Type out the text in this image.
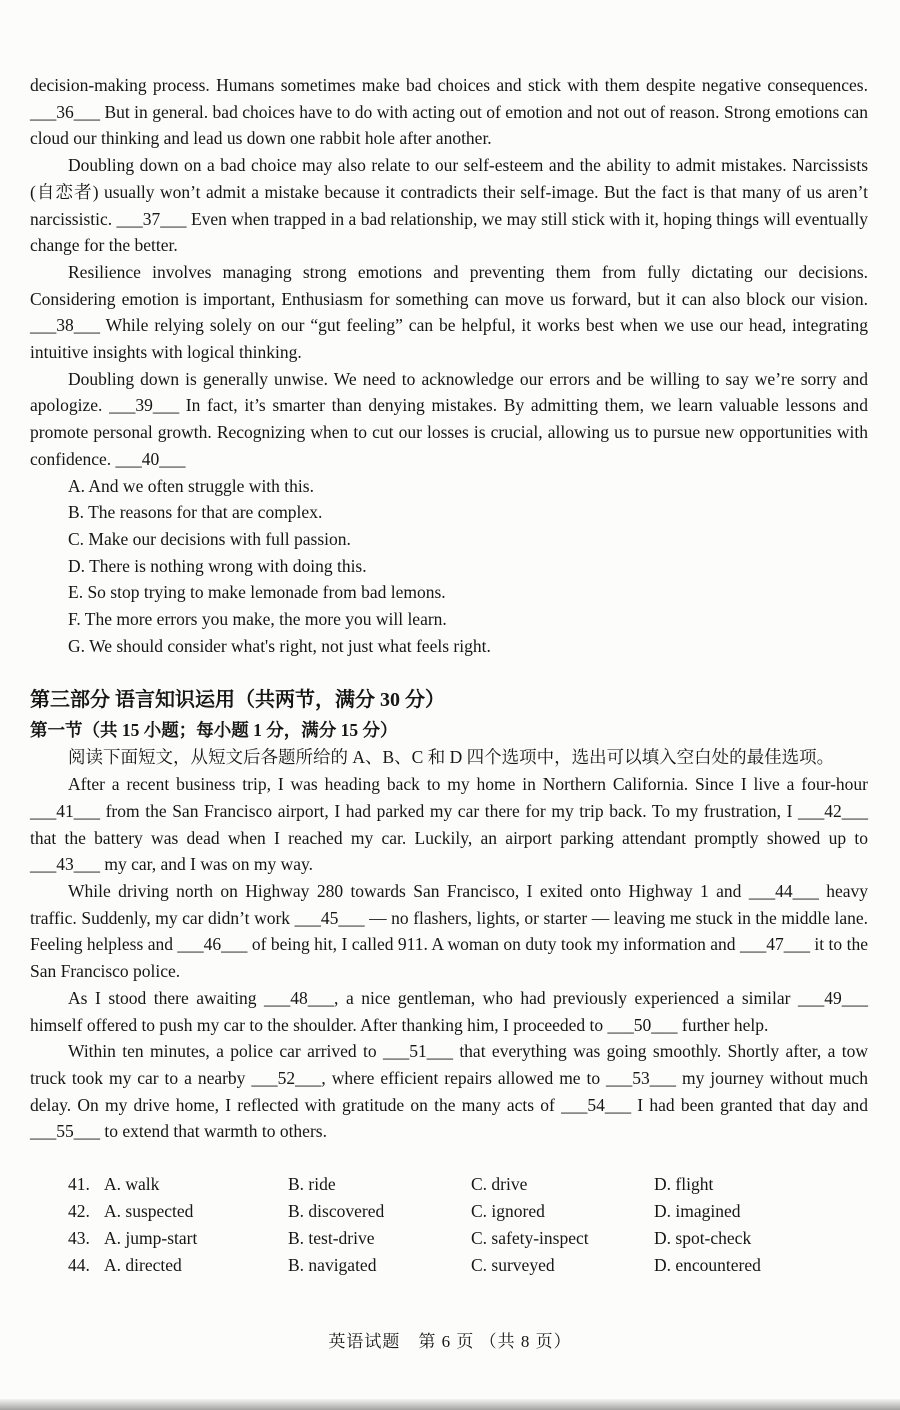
decision-making process. Humans sometimes make bad choices and stick with them despite negative consequences. ___36___ But in general. bad choices have to do with acting out of emotion and not out of reason. Strong emotions can cloud our thinking and lead us down one rabbit hole after another.

Doubling down on a bad choice may also relate to our self-esteem and the ability to admit mistakes. Narcissists (自恋者) usually won’t admit a mistake because it contradicts their self-image. But the fact is that many of us aren’t narcissistic. ___37___ Even when trapped in a bad relationship, we may still stick with it, hoping things will eventually change for the better.

Resilience involves managing strong emotions and preventing them from fully dictating our decisions. Considering emotion is important, Enthusiasm for something can move us forward, but it can also block our vision. ___38___ While relying solely on our “gut feeling” can be helpful, it works best when we use our head, integrating intuitive insights with logical thinking.

Doubling down is generally unwise. We need to acknowledge our errors and be willing to say we’re sorry and apologize. ___39___ In fact, it’s smarter than denying mistakes. By admitting them, we learn valuable lessons and promote personal growth. Recognizing when to cut our losses is crucial, allowing us to pursue new opportunities with confidence. ___40___

A. And we often struggle with this.

B. The reasons for that are complex.

C. Make our decisions with full passion.

D. There is nothing wrong with doing this.

E. So stop trying to make lemonade from bad lemons.

F. The more errors you make, the more you will learn.

G. We should consider what's right, not just what feels right.

第三部分 语言知识运用（共两节，满分 30 分）
第一节（共 15 小题；每小题 1 分，满分 15 分）

阅读下面短文，从短文后各题所给的 A、B、C 和 D 四个选项中，选出可以填入空白处的最佳选项。

After a recent business trip, I was heading back to my home in Northern California. Since I live a four-hour ___41___ from the San Francisco airport, I had parked my car there for my trip back. To my frustration, I ___42___ that the battery was dead when I reached my car. Luckily, an airport parking attendant promptly showed up to ___43___ my car, and I was on my way.

While driving north on Highway 280 towards San Francisco, I exited onto Highway 1 and ___44___ heavy traffic. Suddenly, my car didn’t work ___45___ — no flashers, lights, or starter — leaving me stuck in the middle lane. Feeling helpless and ___46___ of being hit, I called 911. A woman on duty took my information and ___47___ it to the San Francisco police.

As I stood there awaiting ___48___, a nice gentleman, who had previously experienced a similar ___49___ himself offered to push my car to the shoulder. After thanking him, I proceeded to ___50___ further help.

Within ten minutes, a police car arrived to ___51___ that everything was going smoothly. Shortly after, a tow truck took my car to a nearby ___52___, where efficient repairs allowed me to ___53___ my journey without much delay. On my drive home, I reflected with gratitude on the many acts of ___54___ I had been granted that day and ___55___ to extend that warmth to others.

41. A. walk	B. ride	C. drive	D. flight
42. A. suspected	B. discovered	C. ignored	D. imagined
43. A. jump-start	B. test-drive	C. safety-inspect	D. spot-check
44. A. directed	B. navigated	C. surveyed	D. encountered
英语试题　第 6 页 （共 8 页）
